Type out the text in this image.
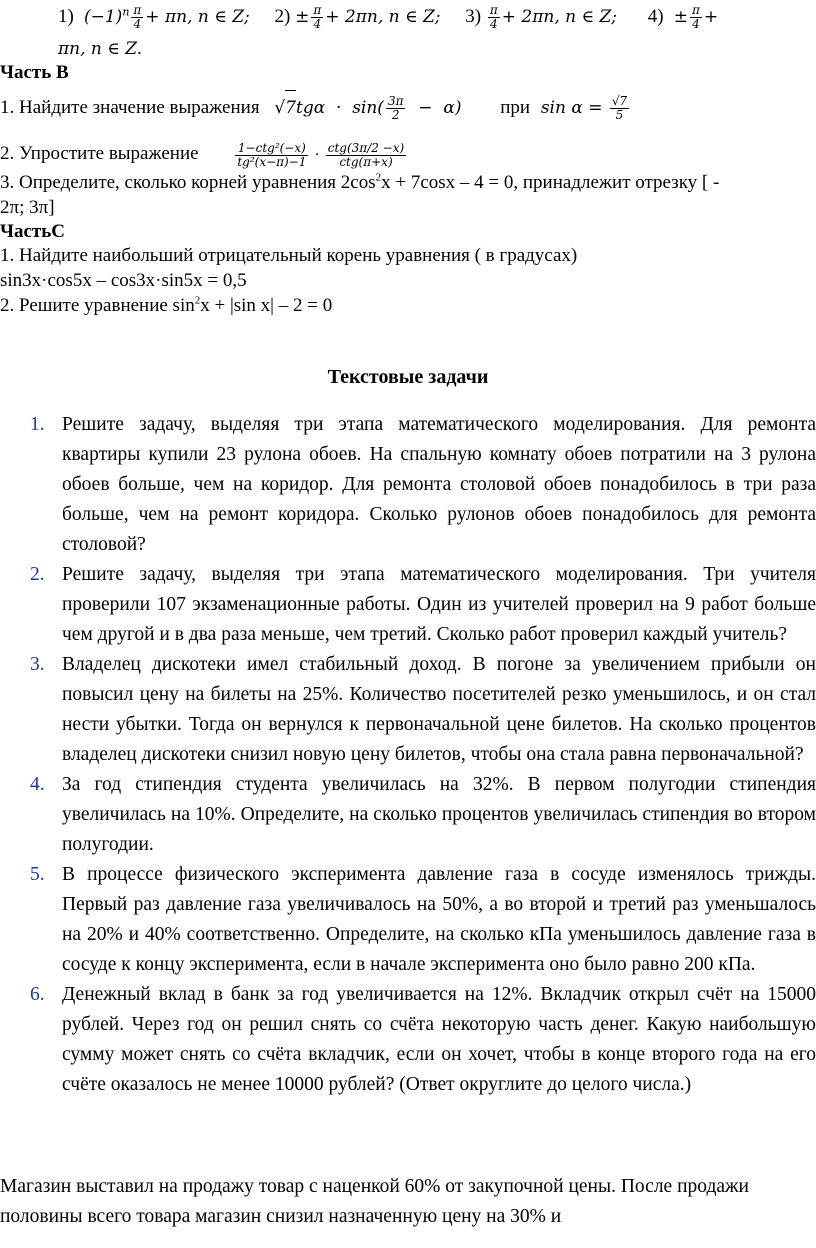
1)  $(-1)^n \frac{\pi}{4} + \pi n$, n ∈ Z; $2) \pm \frac{\pi}{4} + 2\pi n$, n ∈ Z; $3) \frac{\pi}{4} + 2\pi n$, n ∈ Z; $4) \pm \frac{\pi}{4}$ +
πn, n ∈ Z.
Часть В
1. Найдите значение выражения $√7tg\alpha \cdot \sin( \frac{3\pi}{2} - \alpha)$ при $\sin \alpha = \frac{√7}{5}$
2. Упростите выражение	$\frac{\text{1−ctg²(−x)}}{\text{tg²(x−π)−1}} \cdot \frac{\text{ctg(3π/2 −x)}}{\text{ctg(π+x)}}$
3. Определите, сколько корней уравнения $2\cos^2x + 7\cos x - 4 = 0$, принадлежит отрезку [ -
2π; 3π]
ЧастьС
1. Найдите наибольший отрицательный корень уравнения ( в градусах)
sin3x·cos5x – cos3x·sin5x = 0,5
2. Решите уравнение $\sin^2x + |\sin$ x| – 2 = 0
Текстовые задачи
1. Решите задачу, выделяя три этапа математического моделирования. Для ремонта квартиры купили 23 рулона обоев. На спальную комнату обоев потратили на 3 рулона обоев больше, чем на коридор. Для ремонта столовой обоев понадобилось в три раза больше, чем на ремонт коридора. Сколько рулонов обоев понадобилось для ремонта столовой?
2. Решите задачу, выделяя три этапа математического моделирования. Три учителя проверили 107 экзаменационные работы. Один из учителей проверил на 9 работ больше чем другой и в два раза меньше, чем третий. Сколько работ проверил каждый учитель?
3. Владелец дискотеки имел стабильный доход. В погоне за увеличением прибыли он повысил цену на билеты на 25%. Количество посетителей резко уменьшилось, и он стал нести убытки. Тогда он вернулся к первоначальной цене билетов. На сколько процентов владелец дискотеки снизил новую цену билетов, чтобы она стала равна первоначальной?
4. За год стипендия студента увеличилась на 32%. В первом полугодии стипендия увеличилась на 10%. Определите, на сколько процентов увеличилась стипендия во втором полугодии.
5. В процессе физического эксперимента давление газа в сосуде изменялось трижды. Первый раз давление газа увеличивалось на 50%, а во второй и третий раз уменьшалось на 20% и 40% соответственно. Определите, на сколько кПа уменьшилось давление газа в сосуде к концу эксперимента, если в начале эксперимента оно было равно 200 кПа.
6. Денежный вклад в банк за год увеличивается на 12%. Вкладчик открыл счёт на 15000 рублей. Через год он решил снять со счёта некоторую часть денег. Какую наибольшую сумму может снять со счёта вкладчик, если он хочет, чтобы в конце второго года на его счёте оказалось не менее 10000 рублей? (Ответ округлите до целого числа.)
Магазин выставил на продажу товар с наценкой 60% от закупочной цены. После продажи половины всего товара магазин снизил назначенную цену на 30% и
